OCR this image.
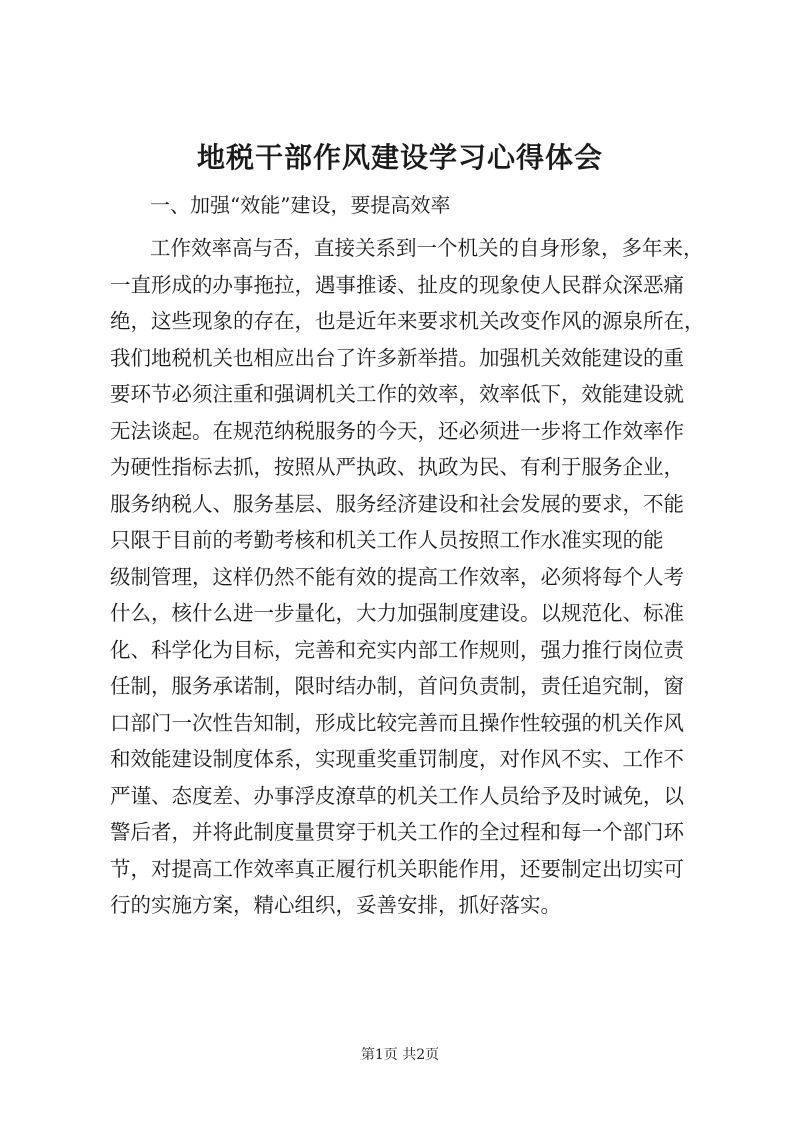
地税干部作风建设学习心得体会

一、加强“效能”建设，要提高效率

工作效率高与否，直接关系到一个机关的自身形象，多年来，
一直形成的办事拖拉，遇事推诿、扯皮的现象使人民群众深恶痛
绝，这些现象的存在，也是近年来要求机关改变作风的源泉所在，
我们地税机关也相应出台了许多新举措。加强机关效能建设的重
要环节必须注重和强调机关工作的效率，效率低下，效能建设就
无法谈起。在规范纳税服务的今天，还必须进一步将工作效率作
为硬性指标去抓，按照从严执政、执政为民、有利于服务企业，
服务纳税人、服务基层、服务经济建设和社会发展的要求，不能
只限于目前的考勤考核和机关工作人员按照工作水准实现的能
级制管理，这样仍然不能有效的提高工作效率，必须将每个人考
什么，核什么进一步量化，大力加强制度建设。以规范化、标准
化、科学化为目标，完善和充实内部工作规则，强力推行岗位责
任制，服务承诺制，限时结办制，首问负责制，责任追究制，窗
口部门一次性告知制，形成比较完善而且操作性较强的机关作风
和效能建设制度体系，实现重奖重罚制度，对作风不实、工作不
严谨、态度差、办事浮皮潦草的机关工作人员给予及时诫免，以
警后者，并将此制度量贯穿于机关工作的全过程和每一个部门环
节，对提高工作效率真正履行机关职能作用，还要制定出切实可
行的实施方案，精心组织，妥善安排，抓好落实。
第1页 共2页
